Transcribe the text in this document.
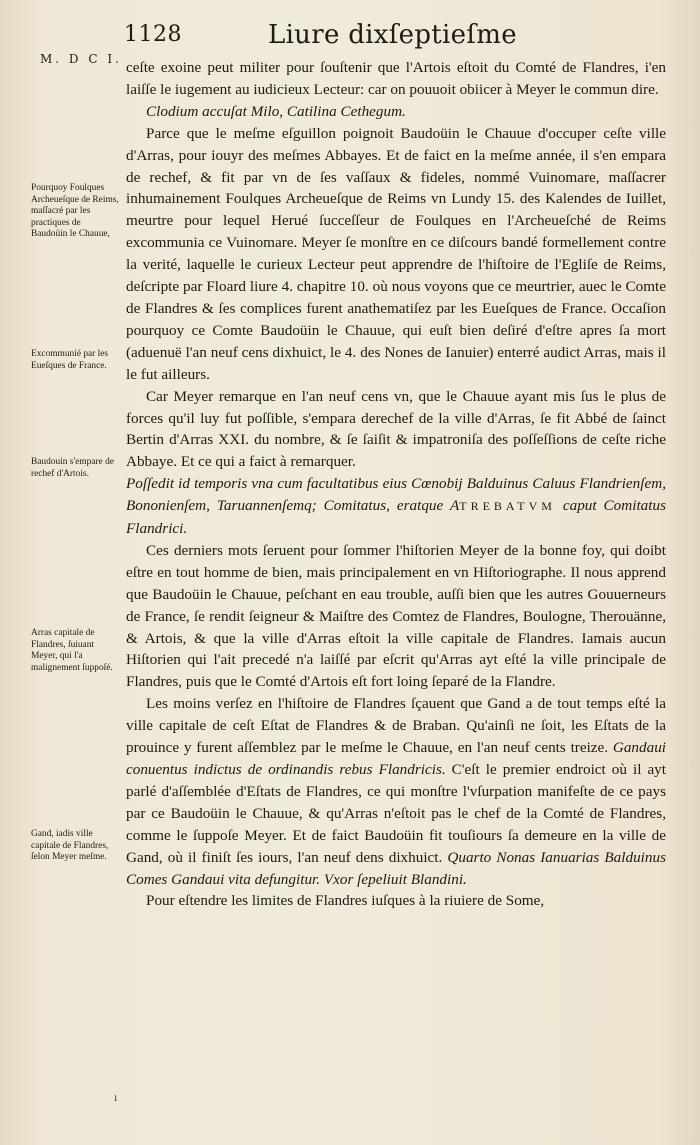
1128	Liure dixſeptieſme
M. D C I.
Pourquoy Foulques Archeueſque de Reims, maſſacré par les practiques de Baudoüin le Chauue,
Excommunié par les Eueſques de France.
Baudouin s'empare de rechef d'Artois.
Arras capitale de Flandres, ſuiuant Meyer, qui l'a malignement ſuppoſé.
Gand, iadis ville capitale de Flandres, ſelon Meyer meſme.

ceſte exoine peut militer pour ſouſtenir que l'Artois eſtoit du Comté de Flandres, i'en laiſſe le iugement au iudicieux Lecteur: car on pouuoit obiicer à Meyer le commun dire.

Clodium accuſat Milo, Catilina Cethegum.

Parce que le meſme eſguillon poignoit Baudoüin le Chauue d'occuper ceſte ville d'Arras, pour iouyr des meſmes Abbayes. Et de faict en la meſme année, il s'en empara de rechef, & fit par vn de ſes vaſſaux & fideles, nommé Vuinomare, maſſacrer inhumainement Foulques Archeueſque de Reims vn Lundy 15. des Kalendes de Iuillet, meurtre pour lequel Herué ſucceſſeur de Foulques en l'Archeueſché de Reims excommunia ce Vuinomare. Meyer ſe monſtre en ce diſcours bandé formellement contre la verité, laquelle le curieux Lecteur peut apprendre de l'hiſtoire de l'Egliſe de Reims, deſcripte par Floard liure 4. chapitre 10. où nous voyons que ce meurtrier, auec le Comte de Flandres & ſes complices furent anathematiſez par les Eueſques de France. Occaſion pourquoy ce Comte Baudoüin le Chauue, qui euſt bien deſiré d'eſtre apres ſa mort (aduenuë l'an neuf cens dixhuict, le 4. des Nones de Ianuier) enterré audict Arras, mais il le fut ailleurs.

Car Meyer remarque en l'an neuf cens vn, que le Chauue ayant mis ſus le plus de forces qu'il luy fut poſſible, s'empara derechef de la ville d'Arras, ſe fit Abbé de ſainct Bertin d'Arras XXI. du nombre, & ſe ſaiſit & impatroniſa des poſſeſſions de ceſte riche Abbaye. Et ce qui a faict à remarquer.

Poſſedit id temporis vna cum facultatibus eius Cœnobij Balduinus Caluus Flandrienſem, Bononienſem, Taruannenſemq; Comitatus, eratque ATREBATVM caput Comitatus Flandrici.

Ces derniers mots ſeruent pour ſommer l'hiſtorien Meyer de la bonne foy, qui doibt eſtre en tout homme de bien, mais principalement en vn Hiſtoriographe. Il nous apprend que Baudoüin le Chauue, peſchant en eau trouble, auſſi bien que les autres Gouuerneurs de France, ſe rendit ſeigneur & Maiſtre des Comtez de Flandres, Boulogne, Therouänne, & Artois, & que la ville d'Arras eſtoit la ville capitale de Flandres. Iamais aucun Hiſtorien qui l'ait precedé n'a laiſſé par eſcrit qu'Arras ayt eſté la ville principale de Flandres, puis que le Comté d'Artois eſt fort loing ſeparé de la Flandre.

Les moins verſez en l'hiſtoire de Flandres ſçauent que Gand a de tout temps eſté la ville capitale de ceſt Eſtat de Flandres & de Braban. Qu'ainſi ne ſoit, les Eſtats de la prouince y furent aſſemblez par le meſme le Chauue, en l'an neuf cents treize. Gandaui conuentus indictus de ordinandis rebus Flandricis. C'eſt le premier endroict où il ayt parlé d'aſſemblée d'Eſtats de Flandres, ce qui monſtre l'vſurpation manifeſte de ce pays par ce Baudoüin le Chauue, & qu'Arras n'eſtoit pas le chef de la Comté de Flandres, comme le ſuppoſe Meyer. Et de faict Baudoüin fit touſiours ſa demeure en la ville de Gand, où il finiſt ſes iours, l'an neuf dens dixhuict. Quarto Nonas Ianuarias Balduinus Comes Gandaui vita defungitur. Vxor ſepeliuit Blandini.

Pour eſtendre les limites de Flandres iuſques à la riuiere de Some,

ı
